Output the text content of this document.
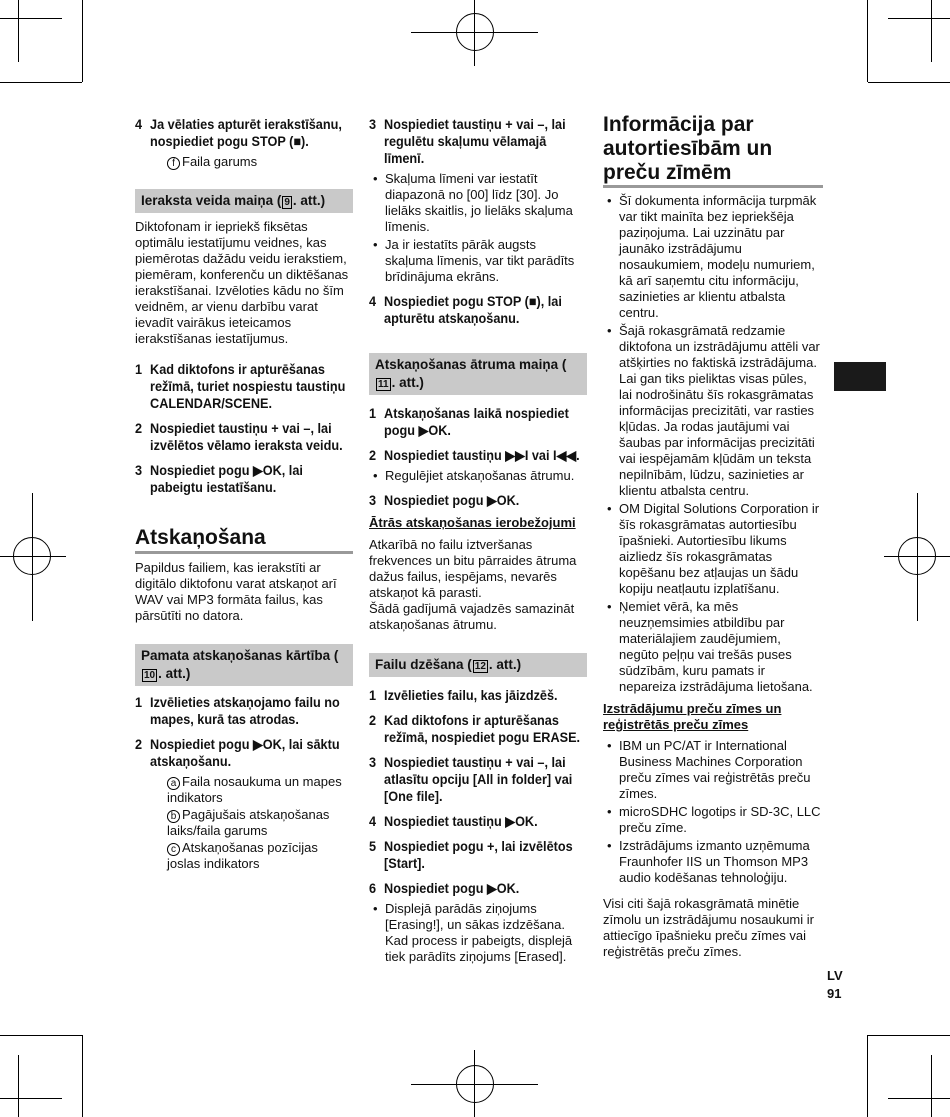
4 Ja vēlaties apturēt ierakstīšanu, nospiediet pogu STOP (■).
f Faila garums
Ieraksta veida maiņa ( 9 . att.)
Diktofonam ir iepriekš fiksētas optimālu iestatījumu veidnes, kas piemērotas dažādu veidu ierakstiem, piemēram, konferenču un diktēšanas ierakstīšanai. Izvēloties kādu no šīm veidnēm, ar vienu darbību varat ievadīt vairākus ieteicamos ierakstīšanas iestatījumus.
1 Kad diktofons ir apturēšanas režīmā, turiet nospiestu taustiņu CALENDAR/SCENE.
2 Nospiediet taustiņu + vai –, lai izvēlētos vēlamo ieraksta veidu.
3 Nospiediet pogu ▶OK, lai pabeigtu iestatīšanu.
Atskaņošana
Papildus failiem, kas ierakstīti ar digitālo diktofonu varat atskaņot arī WAV vai MP3 formāta failus, kas pārsūtīti no datora.
Pamata atskaņošanas kārtība (10 . att.)
1 Izvēlieties atskaņojamo failu no mapes, kurā tas atrodas.
2 Nospiediet pogu ▶OK, lai sāktu atskaņošanu.
a Faila nosaukuma un mapes indikators
b Pagājušais atskaņošanas laiks/faila garums
c Atskaņošanas pozīcijas joslas indikators
3 Nospiediet taustiņu + vai –, lai regulētu skaļumu vēlamajā līmenī.
• Skaļuma līmeni var iestatīt diapazonā no [00] līdz [30]. Jo lielāks skaitlis, jo lielāks skaļuma līmenis.
• Ja ir iestatīts pārāk augsts skaļuma līmenis, var tikt parādīts brīdinājuma ekrāns.
4 Nospiediet pogu STOP (■), lai apturētu atskaņošanu.
Atskaņošanas ātruma maiņa (11 . att.)
1 Atskaņošanas laikā nospiediet pogu ▶OK.
2 Nospiediet taustiņu ▶▶I vai I◀◀.
• Regulējiet atskaņošanas ātrumu.
3 Nospiediet pogu ▶OK.
Ātrās atskaņošanas ierobežojumi
Atkarībā no failu iztveršanas frekvences un bitu pārraides ātruma dažus failus, iespējams, nevarēs atskaņot kā parasti.
Šādā gadījumā vajadzēs samazināt atskaņošanas ātrumu.
Failu dzēšana ( 12 . att.)
1 Izvēlieties failu, kas jāizdzēš.
2 Kad diktofons ir apturēšanas režīmā, nospiediet pogu ERASE.
3 Nospiediet taustiņu + vai –, lai atlasītu opciju [All in folder] vai [One file].
4 Nospiediet taustiņu ▶OK.
5 Nospiediet pogu +, lai izvēlētos [Start].
6 Nospiediet pogu ▶OK.
• Displejā parādās ziņojums [Erasing!], un sākas izdzēšana. Kad process ir pabeigts, displejā tiek parādīts ziņojums [Erased].
Informācija par autortiesībām un preču zīmēm
• Šī dokumenta informācija turpmāk var tikt mainīta bez iepriekšēja paziņojuma. Lai uzzinātu par jaunāko izstrādājumu nosaukumiem, modeļu numuriem, kā arī saņemtu citu informāciju, sazinieties ar klientu atbalsta centru.
• Šajā rokasgrāmatā redzamie diktofona un izstrādājumu attēli var atšķirties no faktiskā izstrādājuma. Lai gan tiks pieliktas visas pūles, lai nodrošinātu šīs rokasgrāmatas informācijas precizitāti, var rasties kļūdas. Ja rodas jautājumi vai šaubas par informācijas precizitāti vai iespējamām kļūdām un teksta nepilnībām, lūdzu, sazinieties ar klientu atbalsta centru.
• OM Digital Solutions Corporation ir šīs rokasgrāmatas autortiesību īpašnieki. Autortiesību likums aizliedz šīs rokasgrāmatas kopēšanu bez atļaujas un šādu kopiju neatļautu izplatīšanu.
• Ņemiet vērā, ka mēs neuzņemsimies atbildību par materiālajiem zaudējumiem, negūto peļņu vai trešās puses sūdzībām, kuru pamats ir nepareiza izstrādājuma lietošana.
Izstrādājumu preču zīmes un reģistrētās preču zīmes
• IBM un PC/AT ir International Business Machines Corporation preču zīmes vai reģistrētās preču zīmes.
• microSDHC logotips ir SD-3C, LLC preču zīme.
• Izstrādājums izmanto uzņēmuma Fraunhofer IIS un Thomson MP3 audio kodēšanas tehnoloģiju.
Visi citi šajā rokasgrāmatā minētie zīmolu un izstrādājumu nosaukumi ir attiecīgo īpašnieku preču zīmes vai reģistrētās preču zīmes.
LV
91
